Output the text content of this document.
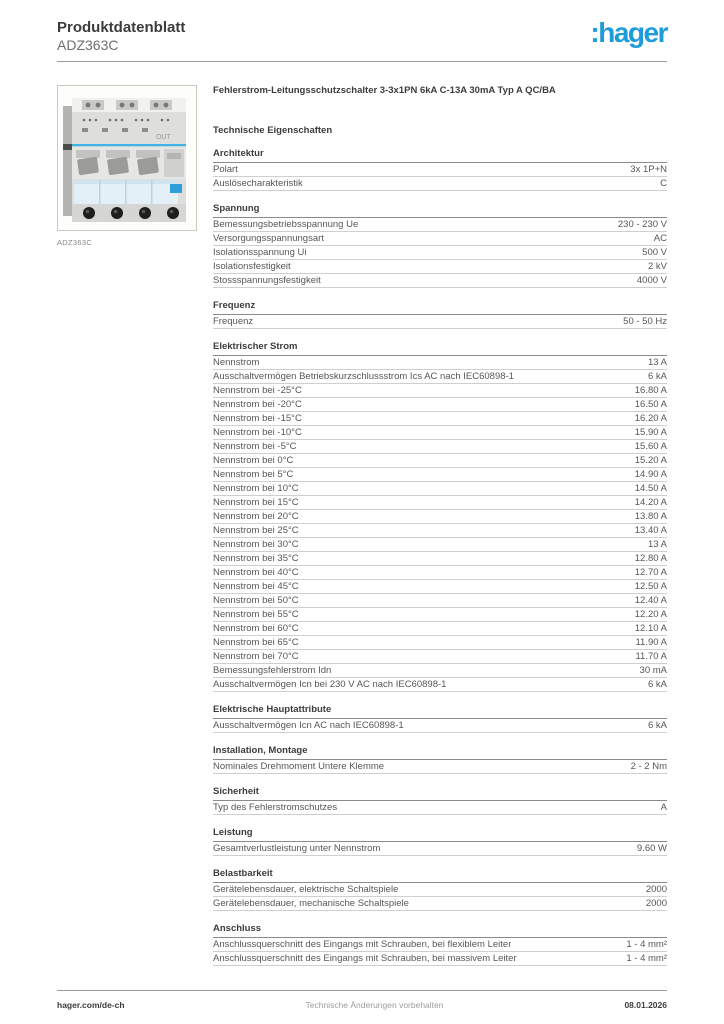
Produktdatenblatt
ADZ363C	:hager
OUT
ADZ363C
Fehlerstrom-Leitungsschutzschalter 3-3x1PN 6kA C-13A 30mA Typ A QC/BA
Technische Eigenschaften
Architektur
Polart	3x 1P+N
Auslösecharakteristik	C
Spannung
Bemessungsbetriebsspannung Ue	230 - 230 V
Versorgungsspannungsart	AC
Isolationsspannung Ui	500 V
Isolationsfestigkeit	2 kV
Stossspannungsfestigkeit	4000 V
Frequenz
Frequenz	50 - 50 Hz
Elektrischer Strom
Nennstrom	13 A
Ausschaltvermögen Betriebskurzschlussstrom Ics AC nach IEC60898-1	6 kA
Nennstrom bei -25°C	16.80 A
Nennstrom bei -20°C	16.50 A
Nennstrom bei -15°C	16.20 A
Nennstrom bei -10°C	15.90 A
Nennstrom bei -5°C	15.60 A
Nennstrom bei 0°C	15.20 A
Nennstrom bei 5°C	14.90 A
Nennstrom bei 10°C	14.50 A
Nennstrom bei 15°C	14.20 A
Nennstrom bei 20°C	13.80 A
Nennstrom bei 25°C	13.40 A
Nennstrom bei 30°C	13 A
Nennstrom bei 35°C	12.80 A
Nennstrom bei 40°C	12.70 A
Nennstrom bei 45°C	12.50 A
Nennstrom bei 50°C	12.40 A
Nennstrom bei 55°C	12.20 A
Nennstrom bei 60°C	12.10 A
Nennstrom bei 65°C	11.90 A
Nennstrom bei 70°C	11.70 A
Bemessungsfehlerstrom Idn	30 mA
Ausschaltvermögen Icn bei 230 V AC nach IEC60898-1	6 kA
Elektrische Hauptattribute
Ausschaltvermögen Icn AC nach IEC60898-1	6 kA
Installation, Montage
Nominales Drehmoment Untere Klemme	2 - 2 Nm
Sicherheit
Typ des Fehlerstromschutzes	A
Leistung
Gesamtverlustleistung unter Nennstrom	9.60 W
Belastbarkeit
Gerätelebensdauer, elektrische Schaltspiele	2000
Gerätelebensdauer, mechanische Schaltspiele	2000
Anschluss
Anschlussquerschnitt des Eingangs mit Schrauben, bei flexiblem Leiter	1 - 4 mm²
Anschlussquerschnitt des Eingangs mit Schrauben, bei massivem Leiter	1 - 4 mm²
hager.com/de-ch	Technische Änderungen vorbehalten	08.01.2026
